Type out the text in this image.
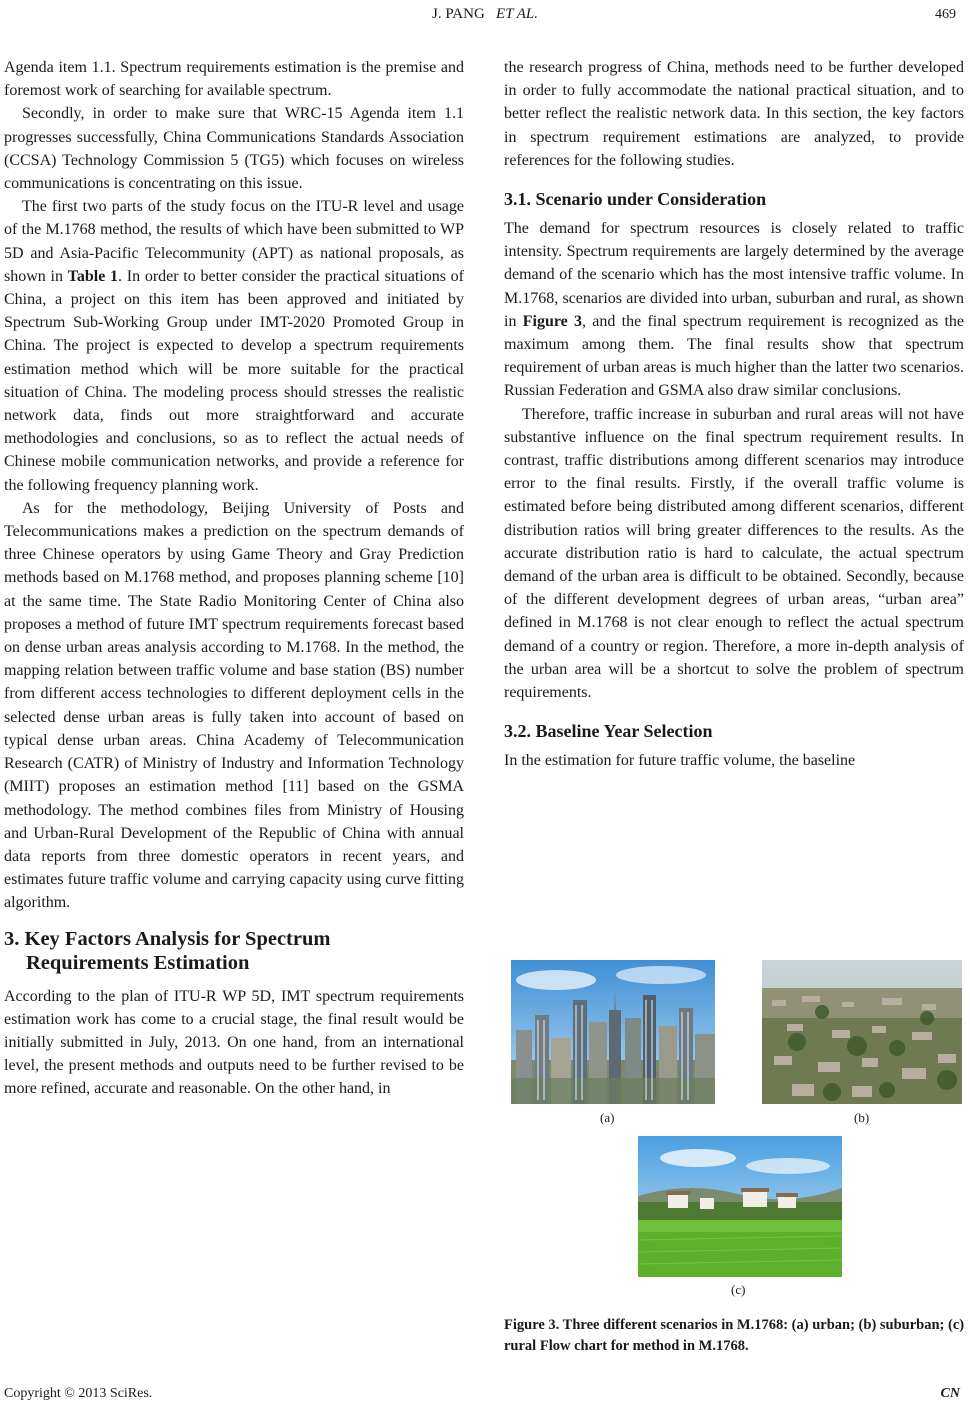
J. PANG ET AL.	469

Agenda item 1.1. Spectrum requirements estimation is the premise and foremost work of searching for available spectrum.

Secondly, in order to make sure that WRC-15 Agenda item 1.1 progresses successfully, China Communications Standards Association (CCSA) Technology Commission 5 (TG5) which focuses on wireless communications is concentrating on this issue.

The first two parts of the study focus on the ITU-R level and usage of the M.1768 method, the results of which have been submitted to WP 5D and Asia-Pacific Telecommunity (APT) as national proposals, as shown in Table 1. In order to better consider the practical situations of China, a project on this item has been approved and initiated by Spectrum Sub-Working Group under IMT-2020 Promoted Group in China. The project is expected to develop a spectrum requirements estimation method which will be more suitable for the practical situation of China. The modeling process should stresses the realistic network data, finds out more straightforward and accurate methodologies and conclusions, so as to reflect the actual needs of Chinese mobile communication networks, and provide a reference for the following frequency planning work.

As for the methodology, Beijing University of Posts and Telecommunications makes a prediction on the spectrum demands of three Chinese operators by using Game Theory and Gray Prediction methods based on M.1768 method, and proposes planning scheme [10] at the same time. The State Radio Monitoring Center of China also proposes a method of future IMT spectrum requirements forecast based on dense urban areas analysis according to M.1768. In the method, the mapping relation between traffic volume and base station (BS) number from different access technologies to different deployment cells in the selected dense urban areas is fully taken into account of based on typical dense urban areas. China Academy of Telecommunication Research (CATR) of Ministry of Industry and Information Technology (MIIT) proposes an estimation method [11] based on the GSMA methodology. The method combines files from Ministry of Housing and Urban-Rural Development of the Republic of China with annual data reports from three domestic operators in recent years, and estimates future traffic volume and carrying capacity using curve fitting algorithm.

3. Key Factors Analysis for Spectrum
Requirements Estimation

According to the plan of ITU-R WP 5D, IMT spectrum requirements estimation work has come to a crucial stage, the final result would be initially submitted in July, 2013. On one hand, from an international level, the present methods and outputs need to be further revised to be more refined, accurate and reasonable. On the other hand, in

the research progress of China, methods need to be further developed in order to fully accommodate the national practical situation, and to better reflect the realistic network data. In this section, the key factors in spectrum requirement estimations are analyzed, to provide references for the following studies.

3.1. Scenario under Consideration

The demand for spectrum resources is closely related to traffic intensity. Spectrum requirements are largely determined by the average demand of the scenario which has the most intensive traffic volume. In M.1768, scenarios are divided into urban, suburban and rural, as shown in Figure 3, and the final spectrum requirement is recognized as the maximum among them. The final results show that spectrum requirement of urban areas is much higher than the latter two scenarios. Russian Federation and GSMA also draw similar conclusions.

Therefore, traffic increase in suburban and rural areas will not have substantive influence on the final spectrum requirement results. In contrast, traffic distributions among different scenarios may introduce error to the final results. Firstly, if the overall traffic volume is estimated before being distributed among different scenarios, different distribution ratios will bring greater differences to the results. As the accurate distribution ratio is hard to calculate, the actual spectrum demand of the urban area is difficult to be obtained. Secondly, because of the different development degrees of urban areas, “urban area” defined in M.1768 is not clear enough to reflect the actual spectrum demand of a country or region. Therefore, a more in-depth analysis of the urban area will be a shortcut to solve the problem of spectrum requirements.

3.2. Baseline Year Selection

In the estimation for future traffic volume, the baseline

(a)	(b)
(c)
Figure 3. Three different scenarios in M.1768: (a) urban; (b) suburban; (c) rural Flow chart for method in M.1768.
Copyright © 2013 SciRes.	CN
